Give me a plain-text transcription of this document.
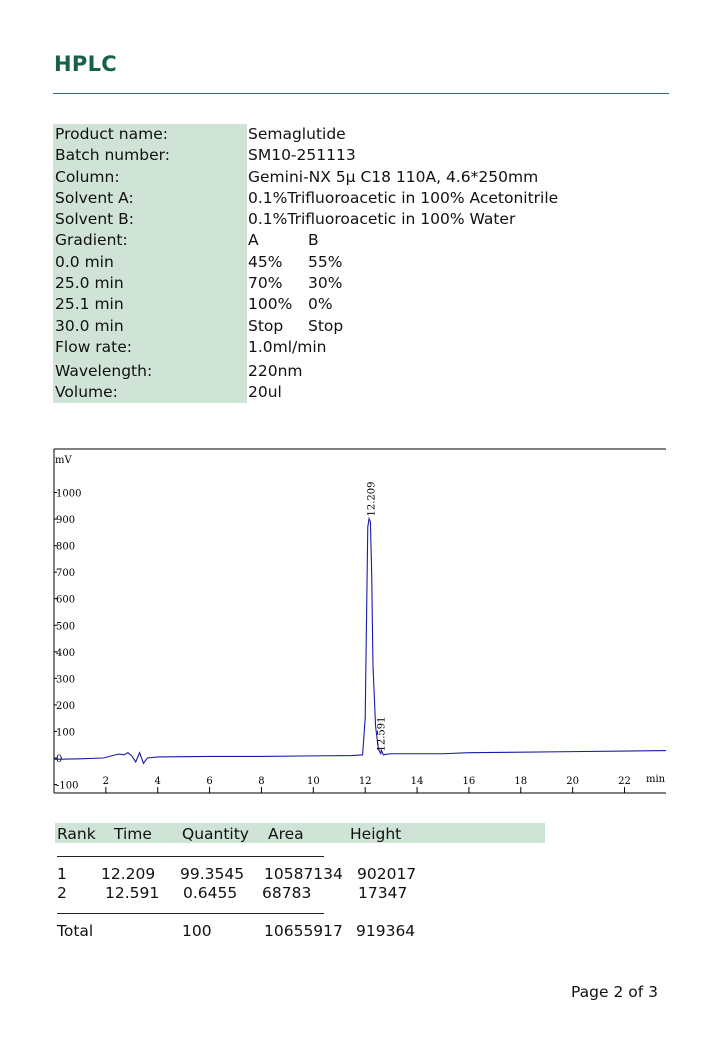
HPLC
Product name:	Semaglutide
Batch number:	SM10-251113
Column:	Gemini-NX 5μ C18 110A, 4.6*250mm
Solvent A:	0.1%Trifluoroacetic in 100% Acetonitrile
Solvent B:	0.1%Trifluoroacetic in 100% Water
Gradient:	A	B
0.0 min	45% 55%
25.0 min	70% 30%
25.1 min	100% 0%
30.0 min	Stop Stop
Flow rate:	1.0ml/min
Wavelength:	220nm
Volume:	20ul
mV
min
-100
0
100
200
300
400
500
600
700
800
900
1000
2	4	6	8	10	12	14	16	18	20	22
12.209
12.591
Rank Time Quantity Area	Height
1 12.209 99.3545 10587134 902017
2 12.591 0.6455 68783	17347
Total	100	10655917 919364
Page 2 of 3
